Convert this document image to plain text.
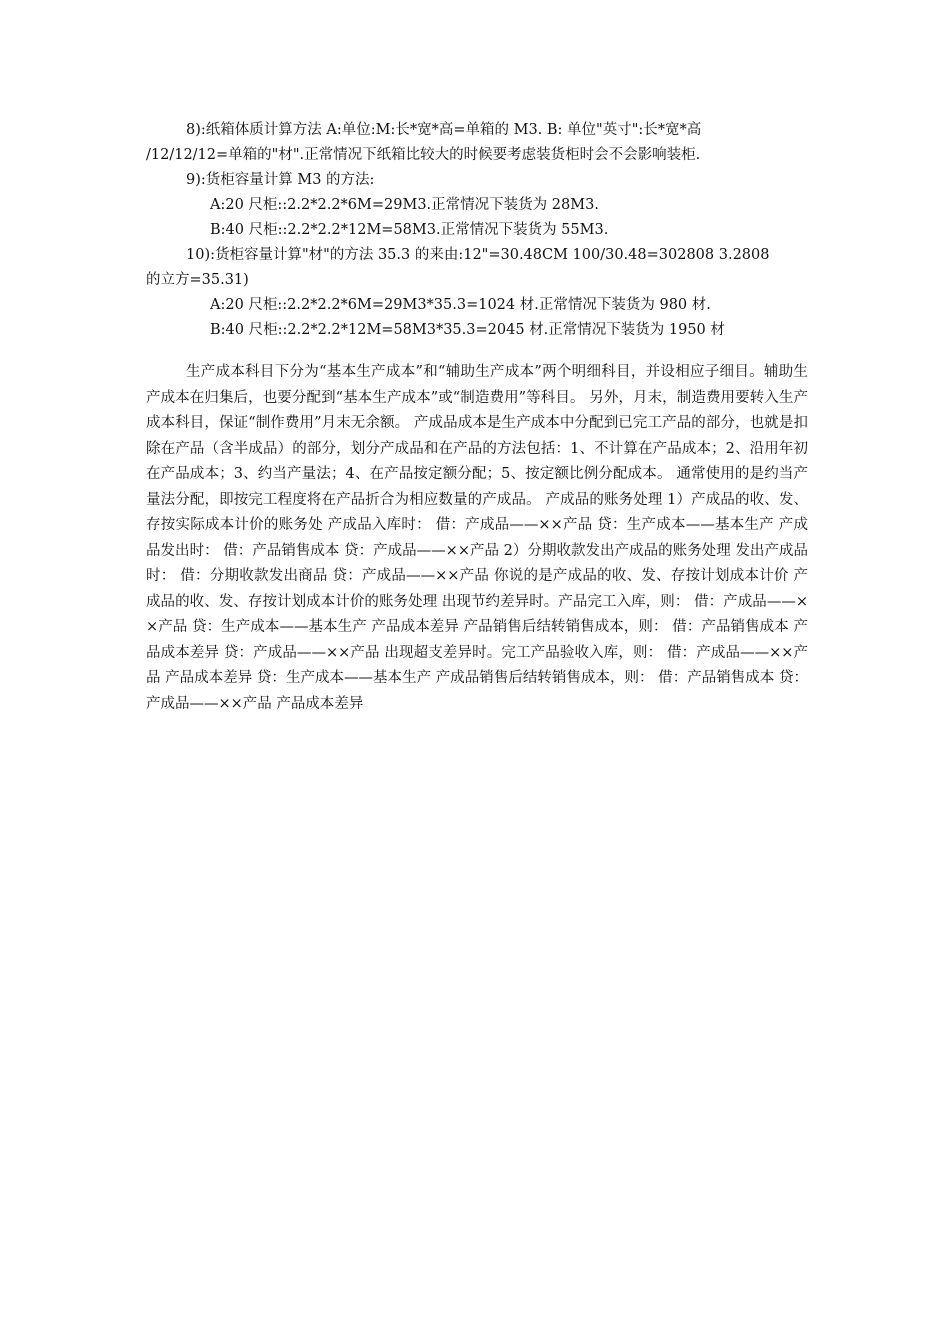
8):纸箱体质计算方法 A:单位:M:长*宽*高=单箱的 M3. B: 单位"英寸":长*宽*高

/12/12/12=单箱的"材".正常情况下纸箱比较大的时候要考虑装货柜时会不会影响装柜.

9):货柜容量计算 M3 的方法:

A:20 尺柜::2.2*2.2*6M=29M3.正常情况下装货为 28M3.

B:40 尺柜::2.2*2.2*12M=58M3.正常情况下装货为 55M3.

10):货柜容量计算"材"的方法 35.3 的来由:12"=30.48CM 100/30.48=302808 3.2808

的立方=35.31)

A:20 尺柜::2.2*2.2*6M=29M3*35.3=1024 材.正常情况下装货为 980 材.

B:40 尺柜::2.2*2.2*12M=58M3*35.3=2045 材.正常情况下装货为 1950 材

生产成本科目下分为“基本生产成本”和“辅助生产成本”两个明细科目，并设相应子细目。辅助生产成本在归集后，也要分配到“基本生产成本”或“制造费用”等科目。 另外，月末，制造费用要转入生产成本科目，保证“制作费用”月末无余额。 产成品成本是生产成本中分配到已完工产品的部分，也就是扣除在产品（含半成品）的部分，划分产成品和在产品的方法包括：1、不计算在产品成本；2、沿用年初在产品成本；3、约当产量法；4、在产品按定额分配；5、按定额比例分配成本。 通常使用的是约当产量法分配，即按完工程度将在产品折合为相应数量的产成品。 产成品的账务处理 1）产成品的收、发、存按实际成本计价的账务处 产成品入库时： 借：产成品——××产品 贷：生产成本——基本生产 产成品发出时： 借：产品销售成本 贷：产成品——××产品 2）分期收款发出产成品的账务处理 发出产成品时： 借：分期收款发出商品 贷：产成品——××产品 你说的是产成品的收、发、存按计划成本计价 产成品的收、发、存按计划成本计价的账务处理 出现节约差异时。产品完工入库，则： 借：产成品——××产品 贷：生产成本——基本生产 产品成本差异 产品销售后结转销售成本，则： 借：产品销售成本 产品成本差异 贷：产成品——××产品 出现超支差异时。完工产品验收入库，则： 借：产成品——××产品 产品成本差异 贷：生产成本——基本生产 产成品销售后结转销售成本，则： 借：产品销售成本 贷：产成品——××产品 产品成本差异
